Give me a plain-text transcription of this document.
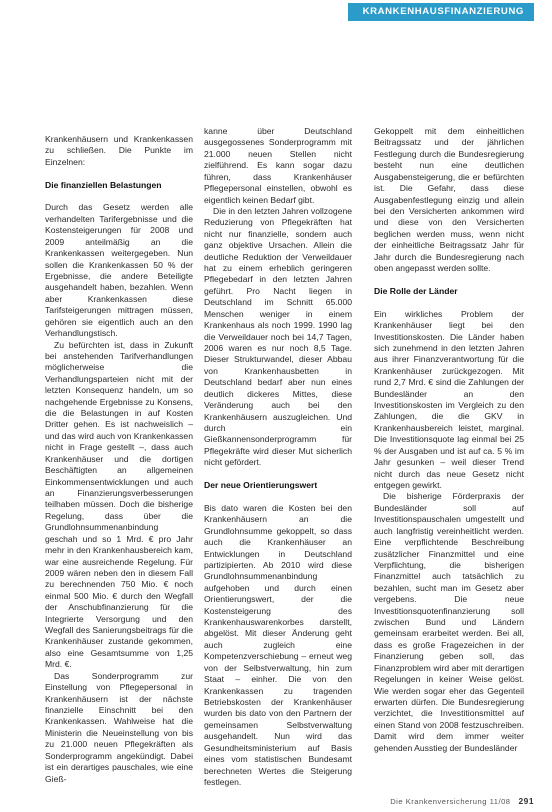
KRANKENHAUSFINANZIERUNG

Krankenhäusern und Krankenkassen zu schließen. Die Punkte im Einzelnen:

Die finanziellen Belastungen

Durch das Gesetz werden alle verhandelten Tarifergebnisse und die Kostensteigerungen für 2008 und 2009 anteilmäßig an die Krankenkassen weitergegeben. Nun sollen die Krankenkassen 50 % der Ergebnisse, die andere Beteiligte ausgehandelt haben, bezahlen. Wenn aber Krankenkassen diese Tarifsteigerungen mittragen müssen, gehören sie eigentlich auch an den Verhandlungstisch.

Zu befürchten ist, dass in Zukunft bei anstehenden Tarifverhandlungen möglicherweise die Verhandlungsparteien nicht mit der letzten Konsequenz handeln, um so nachgehende Ergebnisse zu Konsens, die die Belastungen in auf Kosten Dritter gehen. Es ist nachweislich – und das wird auch von Krankenkassen nicht in Frage gestellt –, dass auch Krankenhäuser und die dortigen Beschäftigten an allgemeinen Einkommensentwicklungen und auch an Finanzierungsverbesserungen teilhaben müssen. Doch die bisherige Regelung, dass über die Grundlohnsummenanbindung geschah und so 1 Mrd. € pro Jahr mehr in den Krankenhausbereich kam, war eine ausreichende Regelung. Für 2009 wären neben den in diesem Fall zu berechnenden 750 Mio. € noch einmal 500 Mio. € durch den Wegfall der Anschubfinanzierung für die Integrierte Versorgung und den Wegfall des Sanierungsbeitrags für die Krankenhäuser zustande gekommen, also eine Gesamtsumme von 1,25 Mrd. €.

Das Sonderprogramm zur Einstellung von Pflegepersonal in Krankenhäusern ist der nächste finanzielle Einschnitt bei den Krankenkassen. Wahlweise hat die Ministerin die Neueinstellung von bis zu 21.000 neuen Pflegekräften als Sonderprogramm angekündigt. Dabei ist ein derartiges pauschales, wie eine Gieß-

kanne über Deutschland ausgegossenes Sonderprogramm mit 21.000 neuen Stellen nicht zielführend. Es kann sogar dazu führen, dass Krankenhäuser Pflegepersonal einstellen, obwohl es eigentlich keinen Bedarf gibt.

Die in den letzten Jahren vollzogene Reduzierung von Pflegekräften hat nicht nur finanzielle, sondern auch ganz objektive Ursachen. Allein die deutliche Reduktion der Verweildauer hat zu einem erheblich geringeren Pflegebedarf in den letzten Jahren geführt. Pro Nacht liegen in Deutschland im Schnitt 65.000 Menschen weniger in einem Krankenhaus als noch 1999. 1990 lag die Verweildauer noch bei 14,7 Tagen, 2006 waren es nur noch 8,5 Tage. Dieser Strukturwandel, dieser Abbau von Krankenhausbetten in Deutschland bedarf aber nun eines deutlich dickeres Mittes, diese Veränderung auch bei den Krankenhäusern auszugleichen. Und durch ein Gießkannensonderprogramm für Pflegekräfte wird dieser Mut sicherlich nicht gefördert.

Der neue Orientierungswert

Bis dato waren die Kosten bei den Krankenhäusern an die Grundlohnsumme gekoppelt, so dass auch die Krankenhäuser an Entwicklungen in Deutschland partizipierten. Ab 2010 wird diese Grundlohnsummenanbindung aufgehoben und durch einen Orientierungswert, der die Kostensteigerung des Krankenhauswarenkorbes darstellt, abgelöst. Mit dieser Änderung geht auch zugleich eine Kompetenzverschiebung – erneut weg von der Selbstverwaltung, hin zum Staat – einher. Die von den Krankenkassen zu tragenden Betriebskosten der Krankenhäuser wurden bis dato von den Partnern der gemeinsamen Selbstverwaltung ausgehandelt. Nun wird das Gesundheitsministerium auf Basis eines vom statistischen Bundesamt berechneten Wertes die Steigerung festlegen.

Gekoppelt mit dem einheitlichen Beitragssatz und der jährlichen Festlegung durch die Bundesregierung besteht nun eine deutlichen Ausgabensteigerung, die er befürchten ist. Die Gefahr, dass diese Ausgabenfestlegung einzig und allein bei den Versicherten ankommen wird und diese von den Versicherten beglichen werden muss, wenn nicht der einheitliche Beitragssatz Jahr für Jahr durch die Bundesregierung nach oben angepasst werden sollte.

Die Rolle der Länder

Ein wirkliches Problem der Krankenhäuser liegt bei den Investitionskosten. Die Länder haben sich zunehmend in den letzten Jahren aus ihrer Finanzverantwortung für die Krankenhäuser zurückgezogen. Mit rund 2,7 Mrd. € sind die Zahlungen der Bundesländer an den Investitionskosten im Vergleich zu den Zahlungen, die die GKV in Krankenhausbereich leistet, marginal. Die Investitionsquote lag einmal bei 25 % der Ausgaben und ist auf ca. 5 % im Jahr gesunken – weil dieser Trend nicht durch das neue Gesetz nicht entgegen gewirkt.

Die bisherige Förderpraxis der Bundesländer soll auf Investitionspauschalen umgestellt und auch langfristig vereinheitlicht werden. Eine verpflichtende Beschreibung zusätzlicher Finanzmittel und eine Verpflichtung, die bisherigen Finanzmittel auch tatsächlich zu bezahlen, sucht man im Gesetz aber vergebens. Die neue Investitionsquotenfinanzierung soll zwischen Bund und Ländern gemeinsam erarbeitet werden. Bei all, dass es große Fragezeichen in der Finanzierung geben soll, das Finanzproblem wird aber mit derartigen Regelungen in keiner Weise gelöst. Wie werden sogar eher das Gegenteil erwarten dürfen. Die Bundesregierung verzichtet, die Investitionsmittel auf einen Stand von 2008 festzuschreiben. Damit wird dem immer weiter gehenden Ausstieg der Bundesländer

Die Krankenversicherung 11/08 291
